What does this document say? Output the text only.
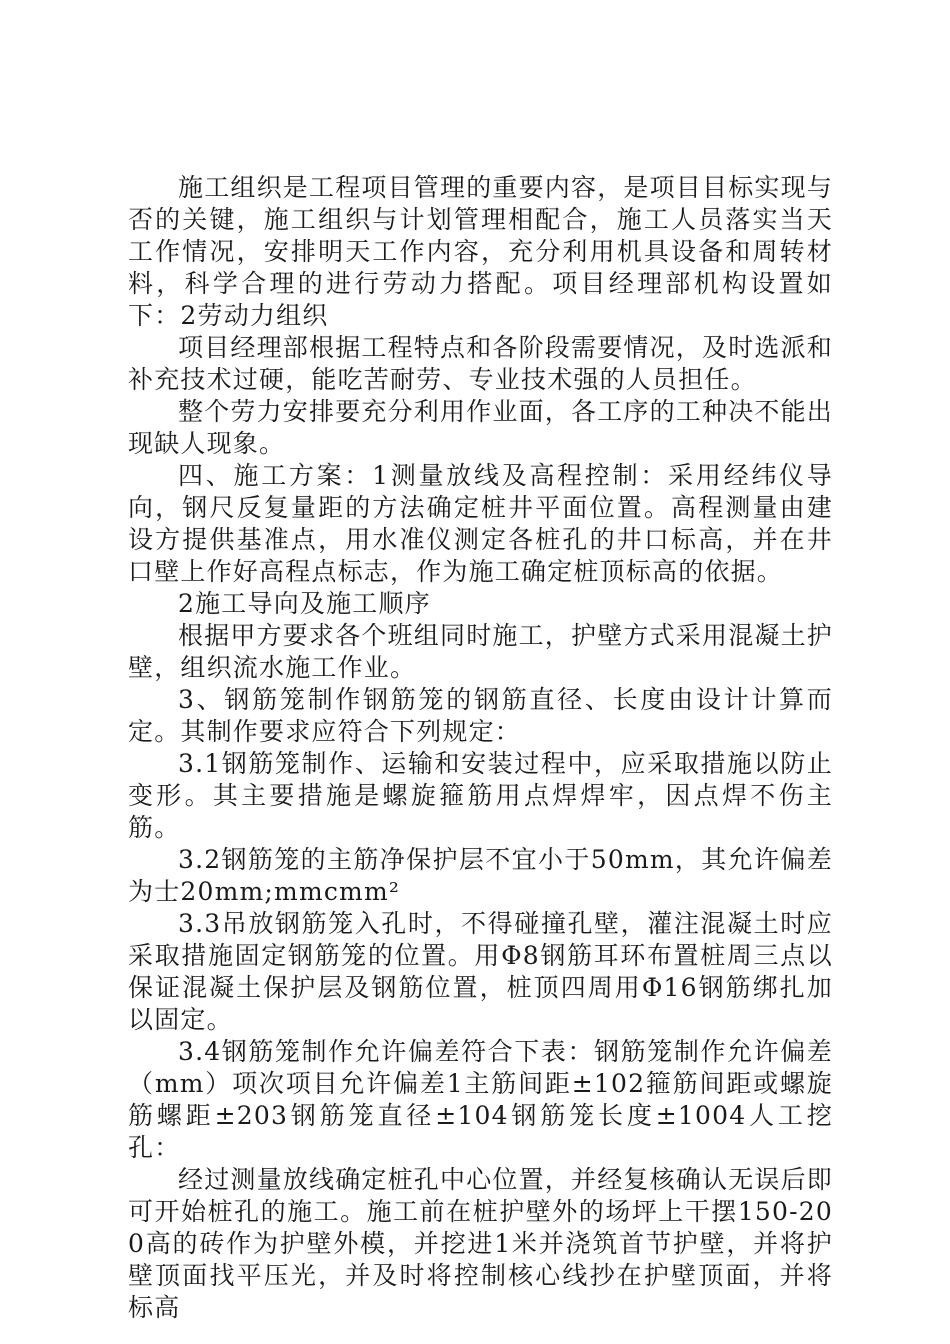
施工组织是工程项目管理的重要内容，是项目目标实现与否的关键，施工组织与计划管理相配合，施工人员落实当天工作情况，安排明天工作内容，充分利用机具设备和周转材料，科学合理的进行劳动力搭配。项目经理部机构设置如下：2劳动力组织

项目经理部根据工程特点和各阶段需要情况，及时选派和补充技术过硬，能吃苦耐劳、专业技术强的人员担任。

整个劳力安排要充分利用作业面，各工序的工种决不能出现缺人现象。

四、施工方案：1测量放线及高程控制：采用经纬仪导向，钢尺反复量距的方法确定桩井平面位置。高程测量由建设方提供基准点，用水准仪测定各桩孔的井口标高，并在井口壁上作好高程点标志，作为施工确定桩顶标高的依据。

2施工导向及施工顺序

根据甲方要求各个班组同时施工，护壁方式采用混凝土护壁，组织流水施工作业。

3、钢筋笼制作钢筋笼的钢筋直径、长度由设计计算而定。其制作要求应符合下列规定：

3.1钢筋笼制作、运输和安装过程中，应采取措施以防止变形。其主要措施是螺旋箍筋用点焊焊牢，因点焊不伤主筋。

3.2钢筋笼的主筋净保护层不宜小于50mm，其允许偏差为士20mm;mmcmm²

3.3吊放钢筋笼入孔时，不得碰撞孔壁，灌注混凝土时应采取措施固定钢筋笼的位置。用Φ8钢筋耳环布置桩周三点以保证混凝土保护层及钢筋位置，桩顶四周用Φ16钢筋绑扎加以固定。

3.4钢筋笼制作允许偏差符合下表：钢筋笼制作允许偏差（mm）项次项目允许偏差1主筋间距±102箍筋间距或螺旋筋螺距±203钢筋笼直径±104钢筋笼长度±1004人工挖孔：

经过测量放线确定桩孔中心位置，并经复核确认无误后即可开始桩孔的施工。施工前在桩护壁外的场坪上干摆150-200高的砖作为护壁外模，并挖进1米并浇筑首节护壁，并将护壁顶面找平压光，并及时将控制核心线抄在护壁顶面，并将标高
